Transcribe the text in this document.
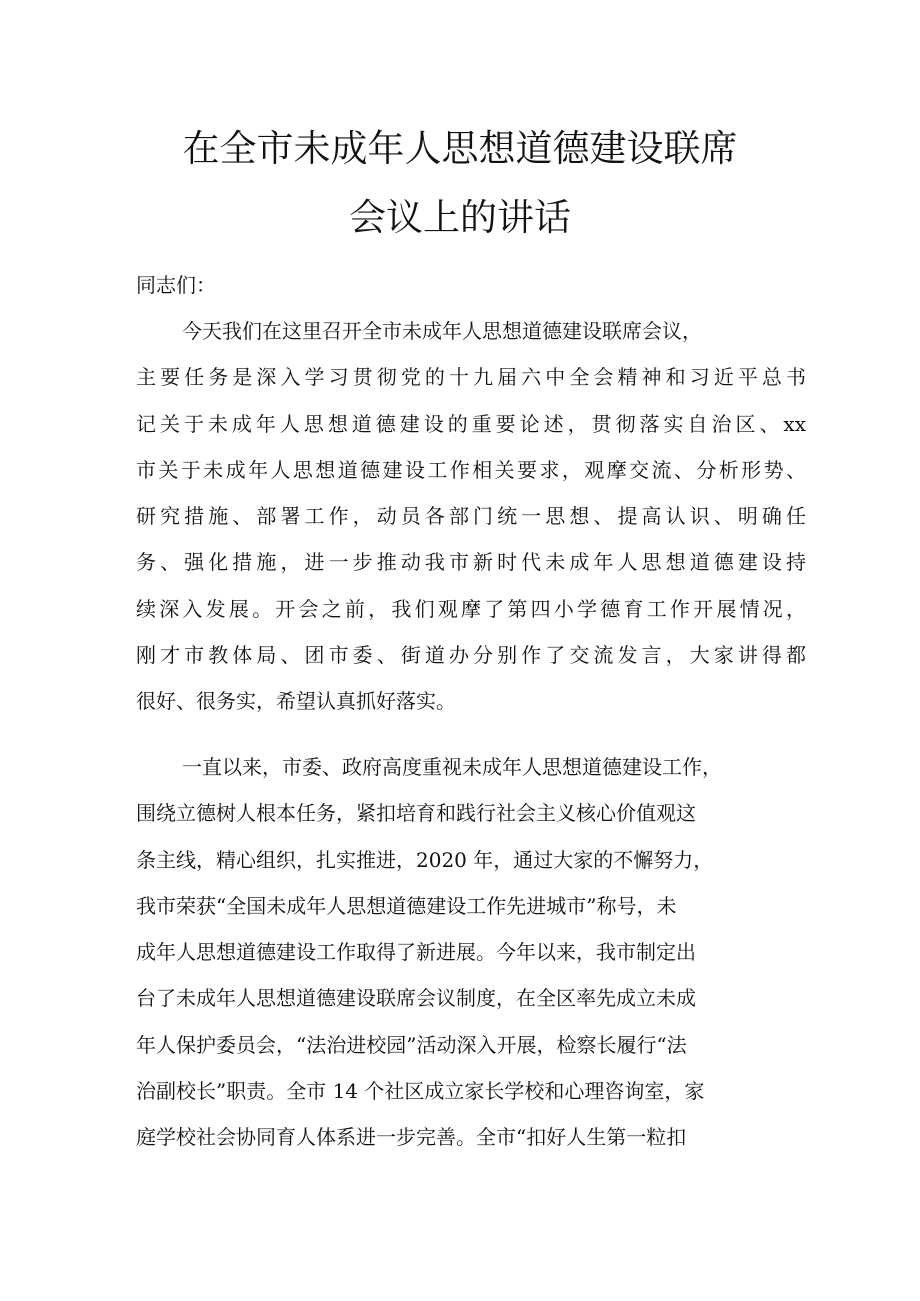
在全市未成年人思想道德建设联席
会议上的讲话

同志们：

今天我们在这里召开全市未成年人思想道德建设联席会议，
主要任务是深入学习贯彻党的十九届六中全会精神和习近平总书
记关于未成年人思想道德建设的重要论述，贯彻落实自治区、xx
市关于未成年人思想道德建设工作相关要求，观摩交流、分析形势、
研究措施、部署工作，动员各部门统一思想、提高认识、明确任
务、强化措施，进一步推动我市新时代未成年人思想道德建设持
续深入发展。开会之前，我们观摩了第四小学德育工作开展情况，
刚才市教体局、团市委、街道办分别作了交流发言，大家讲得都
很好、很务实，希望认真抓好落实。
一直以来，市委、政府高度重视未成年人思想道德建设工作，
围绕立德树人根本任务，紧扣培育和践行社会主义核心价值观这
条主线，精心组织，扎实推进，2020 年，通过大家的不懈努力，
我市荣获“全国未成年人思想道德建设工作先进城市”称号，未
成年人思想道德建设工作取得了新进展。今年以来，我市制定出
台了未成年人思想道德建设联席会议制度，在全区率先成立未成
年人保护委员会，“法治进校园”活动深入开展，检察长履行“法
治副校长”职责。全市 14 个社区成立家长学校和心理咨询室，家
庭学校社会协同育人体系进一步完善。全市“扣好人生第一粒扣
